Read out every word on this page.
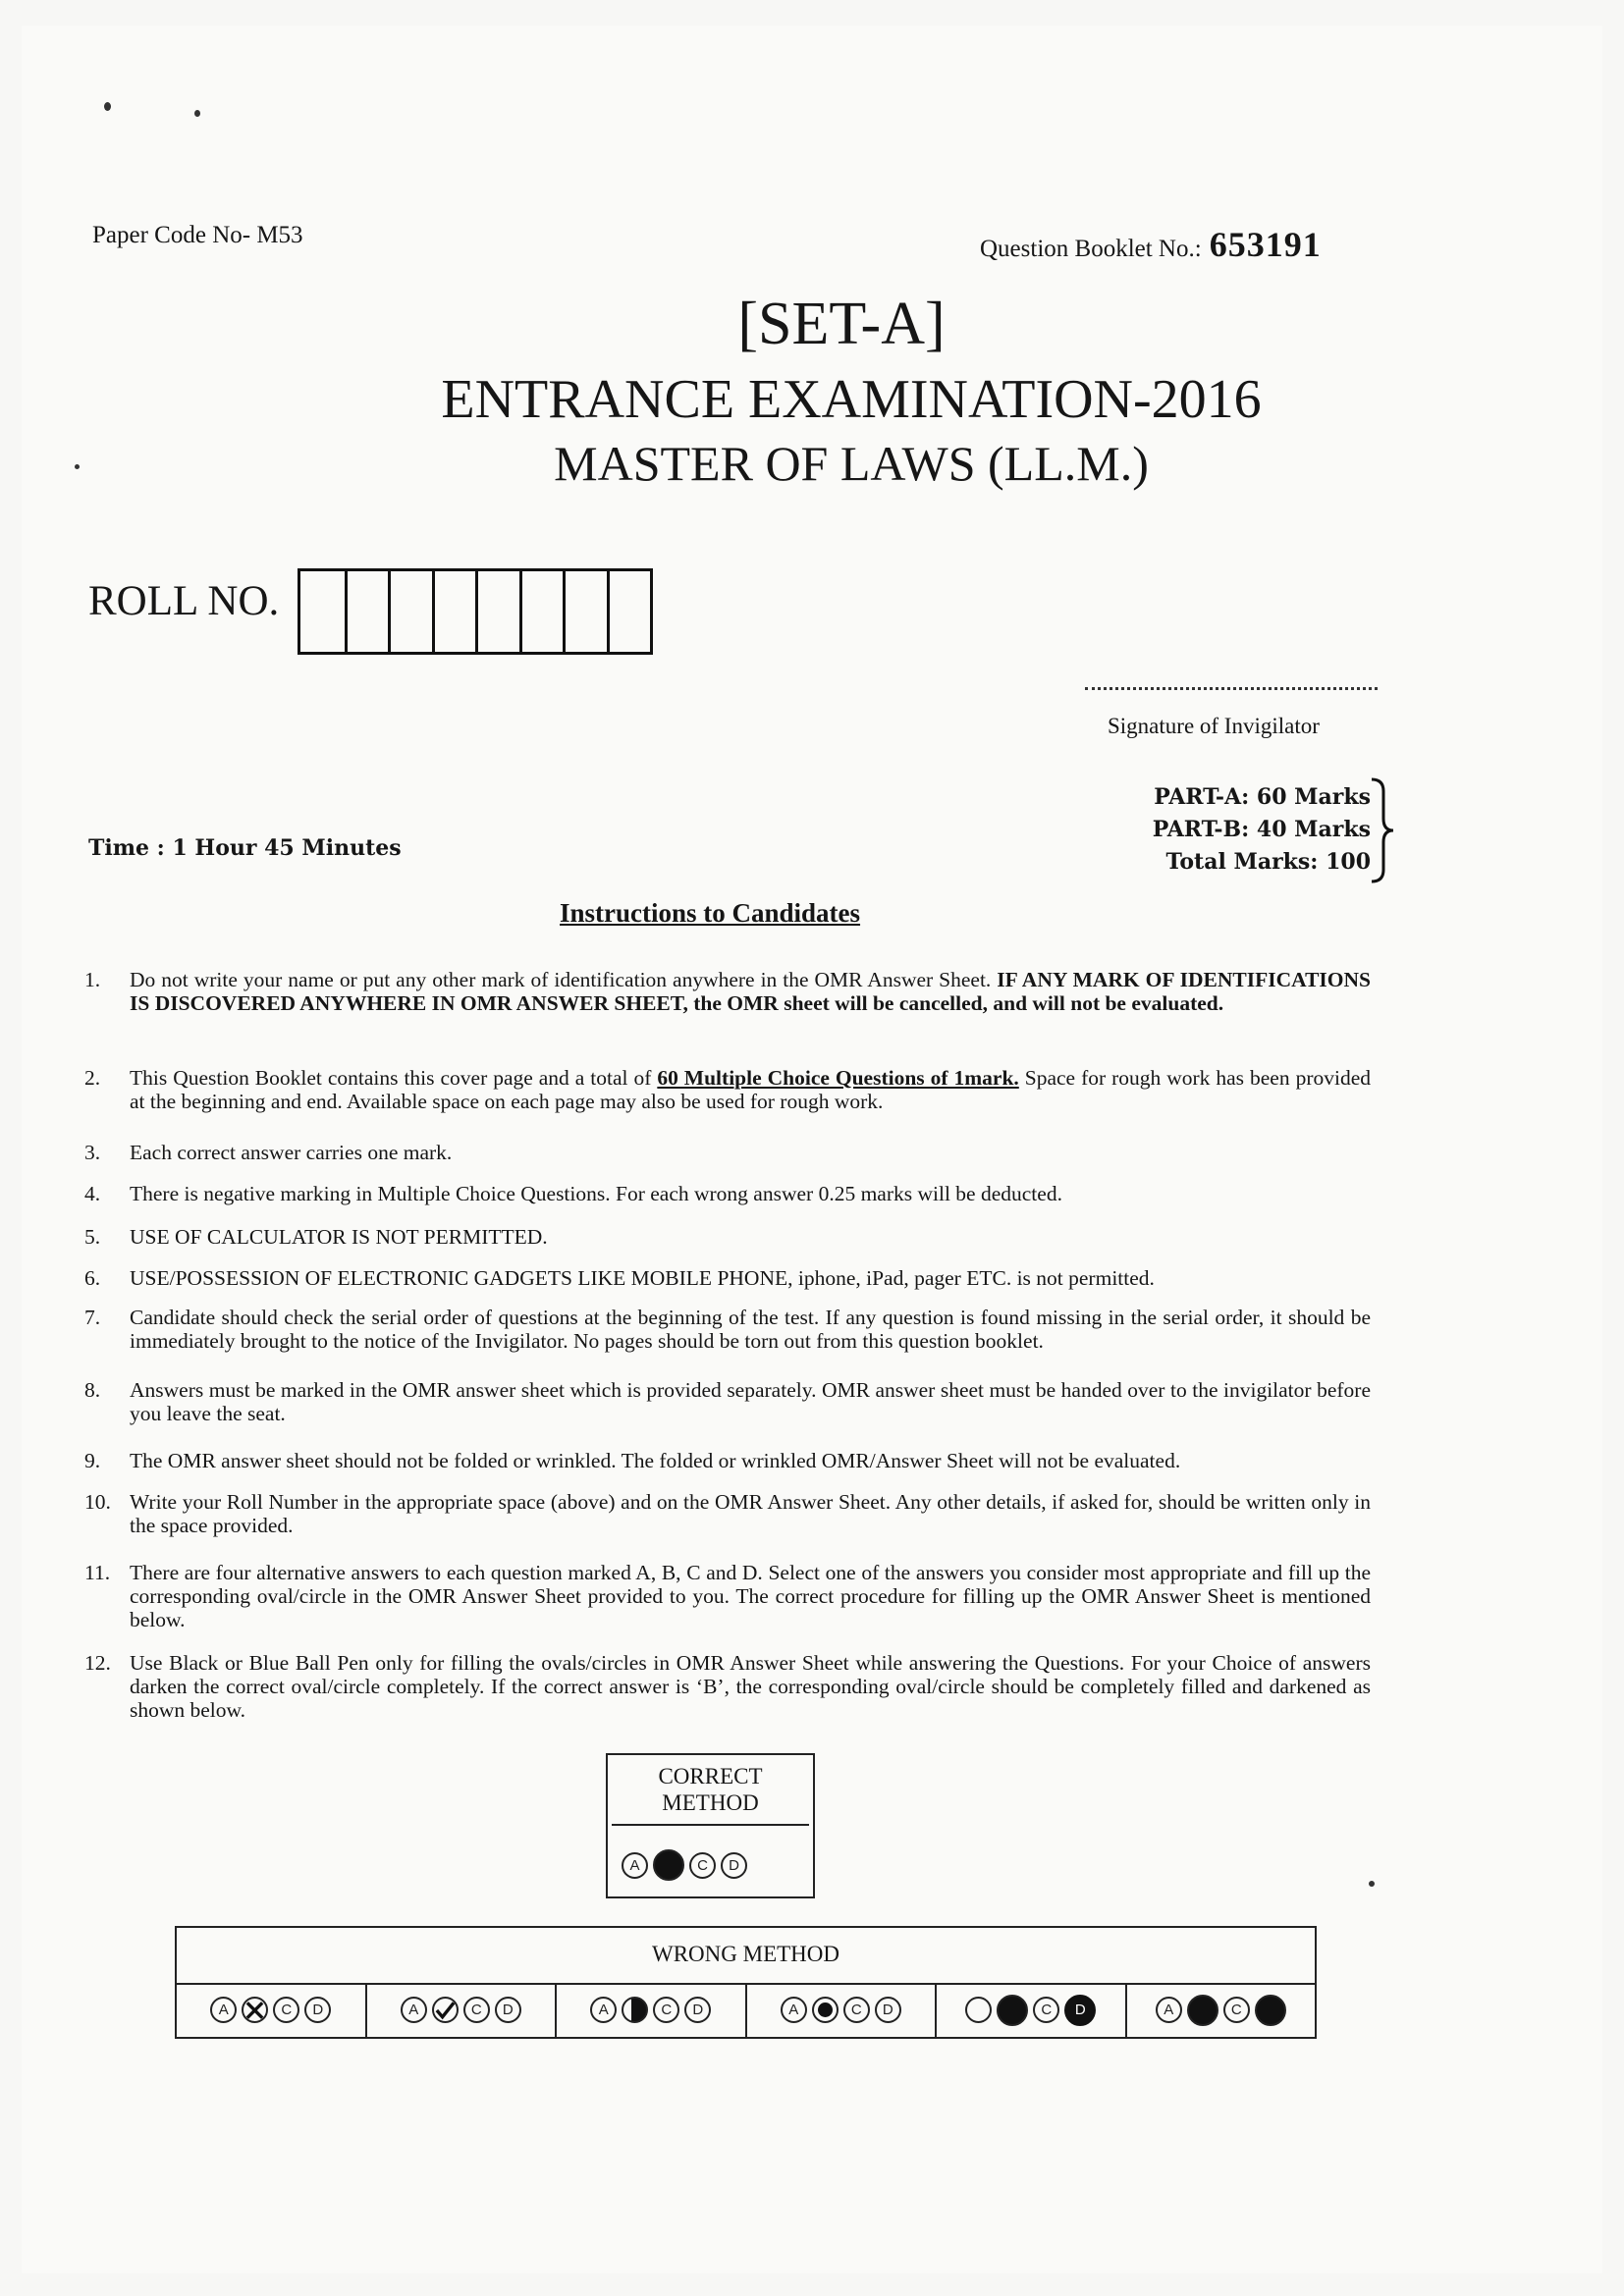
Paper Code No- M53
Question Booklet No.: 653191
[SET-A]
ENTRANCE EXAMINATION-2016
MASTER OF LAWS (LL.M.)
ROLL NO.
Signature of Invigilator
Time : 1 Hour 45 Minutes
PART-A: 60 Marks
PART-B: 40 Marks
Total Marks: 100
Instructions to Candidates
1.	Do not write your name or put any other mark of identification anywhere in the OMR Answer Sheet. IF ANY MARK OF IDENTIFICATIONS IS DISCOVERED ANYWHERE IN OMR ANSWER SHEET, the OMR sheet will be cancelled, and will not be evaluated.
2.	This Question Booklet contains this cover page and a total of 60 Multiple Choice Questions of 1mark. Space for rough work has been provided at the beginning and end. Available space on each page may also be used for rough work.
3.	Each correct answer carries one mark.
4.	There is negative marking in Multiple Choice Questions. For each wrong answer 0.25 marks will be deducted.
5.	USE OF CALCULATOR IS NOT PERMITTED.
6.	USE/POSSESSION OF ELECTRONIC GADGETS LIKE MOBILE PHONE, iphone, iPad, pager ETC. is not permitted.
7.	Candidate should check the serial order of questions at the beginning of the test. If any question is found missing in the serial order, it should be immediately brought to the notice of the Invigilator. No pages should be torn out from this question booklet.
8.	Answers must be marked in the OMR answer sheet which is provided separately. OMR answer sheet must be handed over to the invigilator before you leave the seat.
9.	The OMR answer sheet should not be folded or wrinkled. The folded or wrinkled OMR/Answer Sheet will not be evaluated.
10. Write your Roll Number in the appropriate space (above) and on the OMR Answer Sheet. Any other details, if asked for, should be written only in the space provided.
11. There are four alternative answers to each question marked A, B, C and D. Select one of the answers you consider most appropriate and fill up the corresponding oval/circle in the OMR Answer Sheet provided to you. The correct procedure for filling up the OMR Answer Sheet is mentioned below.
12. Use Black or Blue Ball Pen only for filling the ovals/circles in OMR Answer Sheet while answering the Questions. For your Choice of answers darken the correct oval/circle completely. If the correct answer is ‘B’, the corresponding oval/circle should be completely filled and darkened as shown below.
CORRECT METHOD
A	C	D
WRONG METHOD
A	C	D	A	C	D	A	C	D	A	C	D	C	D	A	C
